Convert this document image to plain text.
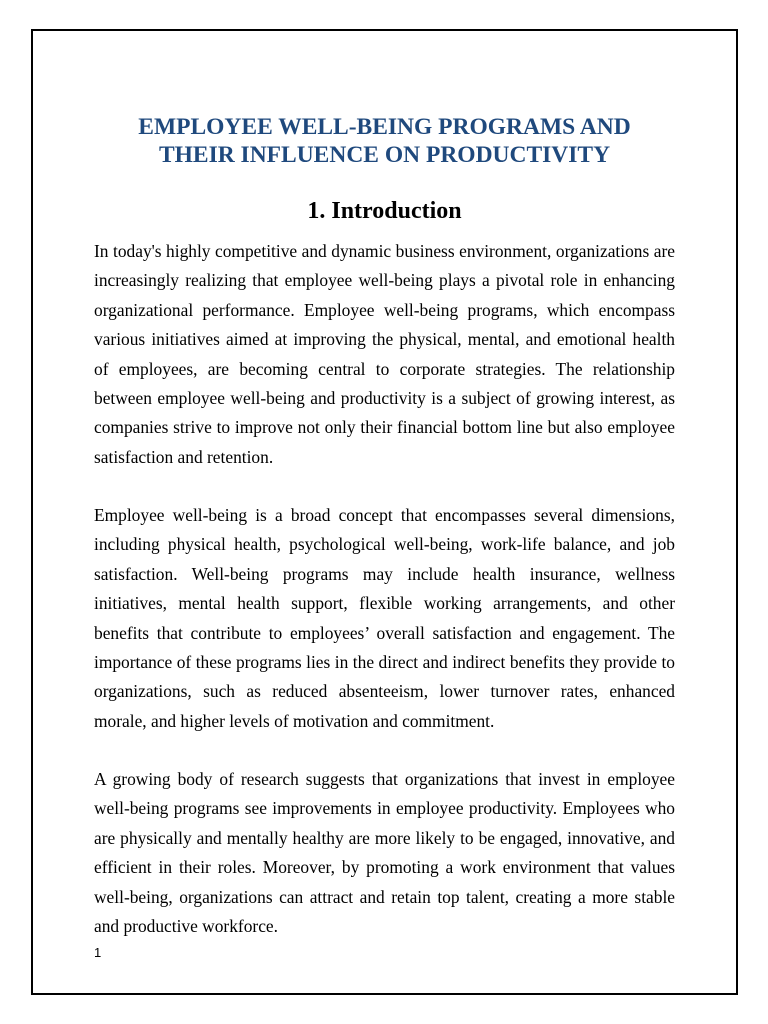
EMPLOYEE WELL-BEING PROGRAMS AND
THEIR INFLUENCE ON PRODUCTIVITY
1. Introduction

In today's highly competitive and dynamic business environment, organizations are increasingly realizing that employee well-being plays a pivotal role in enhancing organizational performance. Employee well-being programs, which encompass various initiatives aimed at improving the physical, mental, and emotional health of employees, are becoming central to corporate strategies. The relationship between employee well-being and productivity is a subject of growing interest, as companies strive to improve not only their financial bottom line but also employee satisfaction and retention.

Employee well-being is a broad concept that encompasses several dimensions, including physical health, psychological well-being, work-life balance, and job satisfaction. Well-being programs may include health insurance, wellness initiatives, mental health support, flexible working arrangements, and other benefits that contribute to employees’ overall satisfaction and engagement. The importance of these programs lies in the direct and indirect benefits they provide to organizations, such as reduced absenteeism, lower turnover rates, enhanced morale, and higher levels of motivation and commitment.

A growing body of research suggests that organizations that invest in employee well-being programs see improvements in employee productivity. Employees who are physically and mentally healthy are more likely to be engaged, innovative, and efficient in their roles. Moreover, by promoting a work environment that values well-being, organizations can attract and retain top talent, creating a more stable and productive workforce.

1
